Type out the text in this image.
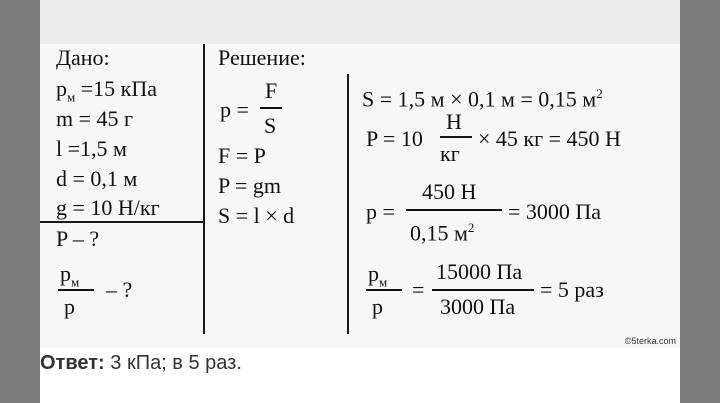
Дано:
$p_м =15$ кПа
m = 45 г
l =1,5 м
d = 0,1 м
g = 10 Н/кг
P – ?
$p_м$
p
– ?
Решение:
p =
F
S
F = P
P = gm
S = l × d
S = 1,5 м × 0,1 м = 0,15 $м^2$
P = 10
Н
кг
× 45 кг = 450 Н
p =
450 Н
0,15 $м^2$
= 3000 Па
$p_м$
p
=
15000 Па
3000 Па
= 5 раз
©5terka.com
Ответ: 3 кПа; в 5 раз.
